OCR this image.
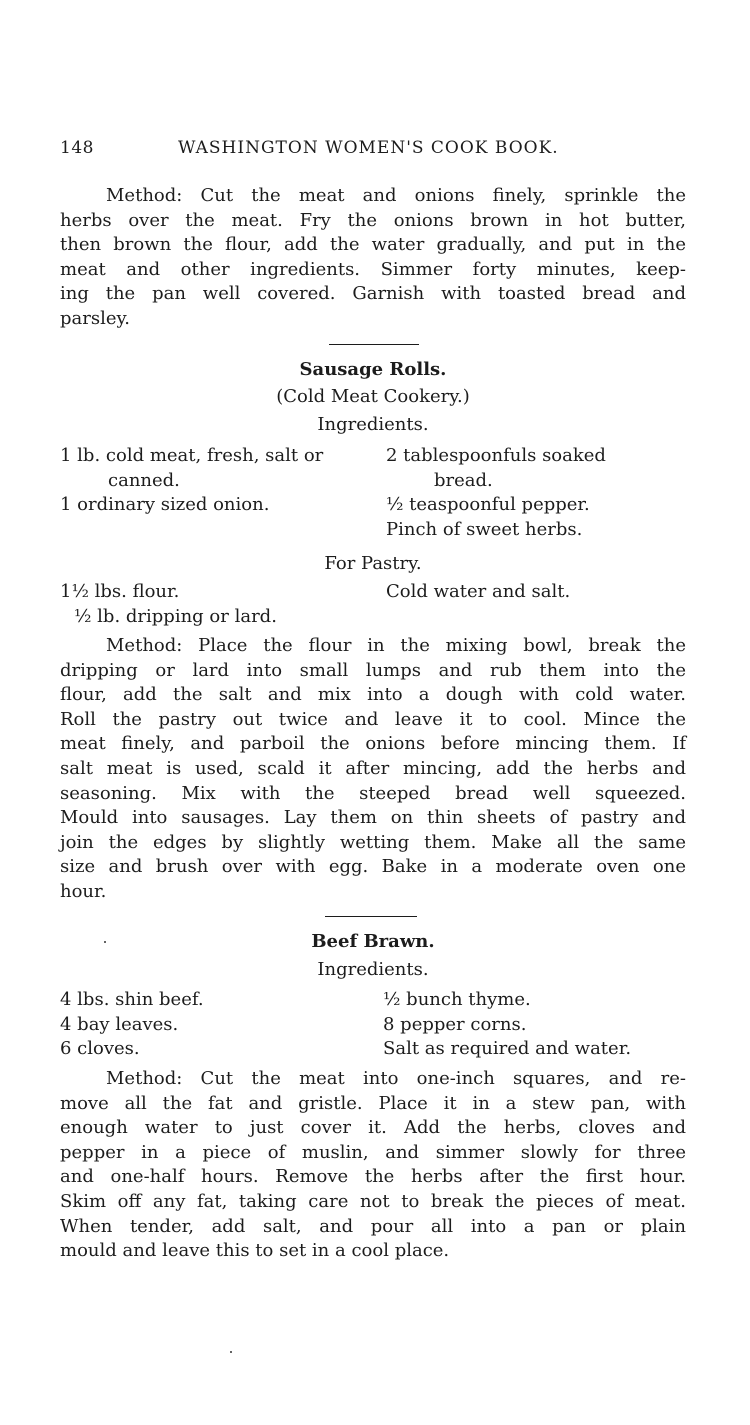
148	WASHINGTON WOMEN'S COOK BOOK.
Method: Cut the meat and onions finely, sprinkle the
herbs over the meat. Fry the onions brown in hot butter,
then brown the flour, add the water gradually, and put in the
meat and other ingredients. Simmer forty minutes, keep-
ing the pan well covered. Garnish with toasted bread and
parsley.
Sausage Rolls.
(Cold Meat Cookery.)
Ingredients.
1 lb. cold meat, fresh, salt or
canned.
1 ordinary sized onion.
2 tablespoonfuls soaked
bread.
½ teaspoonful pepper.
Pinch of sweet herbs.
For Pastry.
1½ lbs. flour.
½ lb. dripping or lard.
Cold water and salt.
Method: Place the flour in the mixing bowl, break the
dripping or lard into small lumps and rub them into the
flour, add the salt and mix into a dough with cold water.
Roll the pastry out twice and leave it to cool. Mince the
meat finely, and parboil the onions before mincing them. If
salt meat is used, scald it after mincing, add the herbs and
seasoning. Mix with the steeped bread well squeezed.
Mould into sausages. Lay them on thin sheets of pastry and
join the edges by slightly wetting them. Make all the same
size and brush over with egg. Bake in a moderate oven one
hour.
Beef Brawn.
Ingredients.
4 lbs. shin beef.
4 bay leaves.
6 cloves.
½ bunch thyme.
8 pepper corns.
Salt as required and water.
Method: Cut the meat into one-inch squares, and re-
move all the fat and gristle. Place it in a stew pan, with
enough water to just cover it. Add the herbs, cloves and
pepper in a piece of muslin, and simmer slowly for three
and one-half hours. Remove the herbs after the first hour.
Skim off any fat, taking care not to break the pieces of meat.
When tender, add salt, and pour all into a pan or plain
mould and leave this to set in a cool place.
